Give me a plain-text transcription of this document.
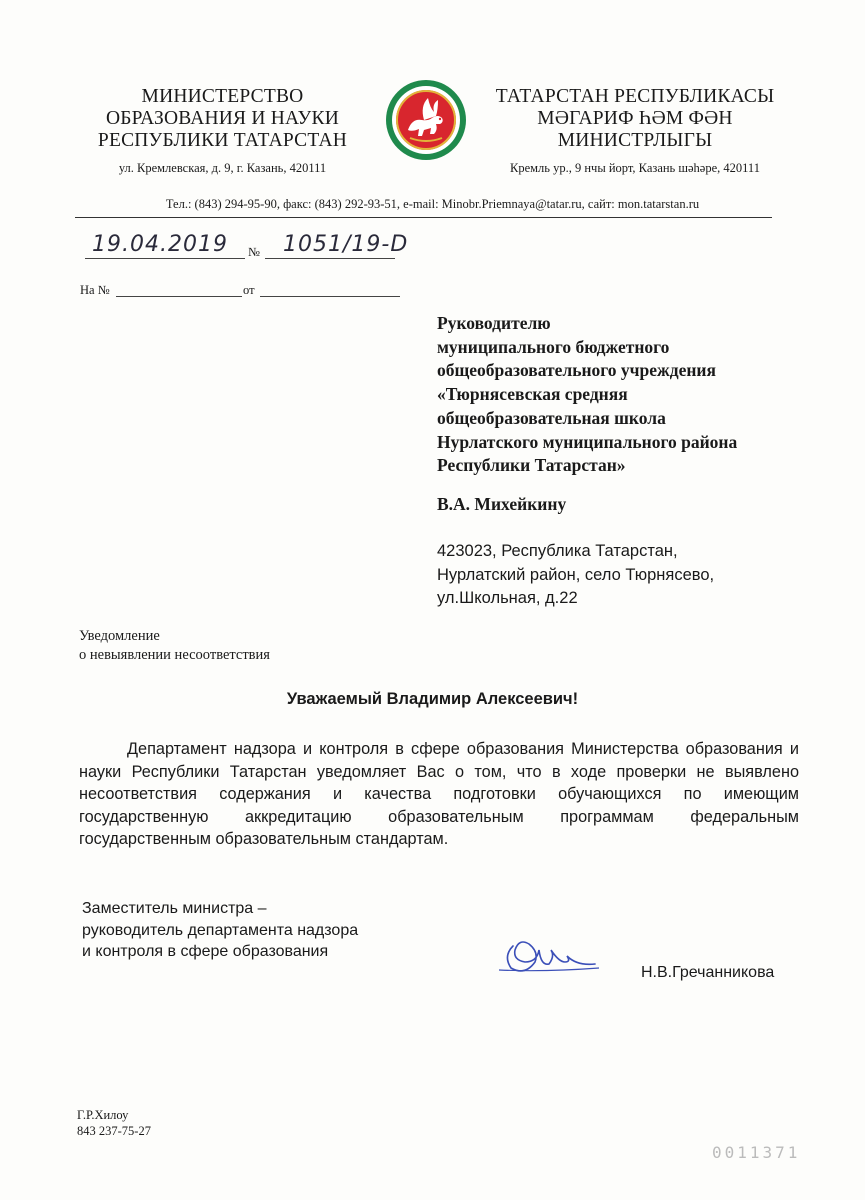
МИНИСТЕРСТВО
ОБРАЗОВАНИЯ И НАУКИ
РЕСПУБЛИКИ ТАТАРСТАН
ТАТАРСТАН РЕСПУБЛИКАСЫ
МӘГАРИФ ҺӘМ ФӘН
МИНИСТРЛЫГЫ
ул. Кремлевская, д. 9, г. Казань, 420111	Кремль ур., 9 нчы йорт, Казань шәһәре, 420111
Тел.: (843) 294-95-90, факс: (843) 292-93-51, e-mail: Minobr.Priemnaya@tatar.ru, сайт: mon.tatarstan.ru
19.04.2019 № 1051/19-D
На №	от
Руководителю
муниципального бюджетного
общеобразовательного учреждения
«Тюрнясевская средняя
общеобразовательная школа
Нурлатского муниципального района
Республики Татарстан»
В.А. Михейкину
423023, Республика Татарстан,
Нурлатский район, село Тюрнясево,
ул.Школьная, д.22
Уведомление
о невыявлении несоответствия
Уважаемый Владимир Алексеевич!
Департамент надзора и контроля в сфере образования Министерства образования и науки Республики Татарстан уведомляет Вас о том, что в ходе проверки не выявлено несоответствия содержания и качества подготовки обучающихся по имеющим государственную аккредитацию образовательным программам федеральным государственным образовательным стандартам.
Заместитель министра –
руководитель департамента надзора
и контроля в сфере образования
Н.В.Гречанникова
Г.Р.Хилоу
843 237-75-27
0011371
